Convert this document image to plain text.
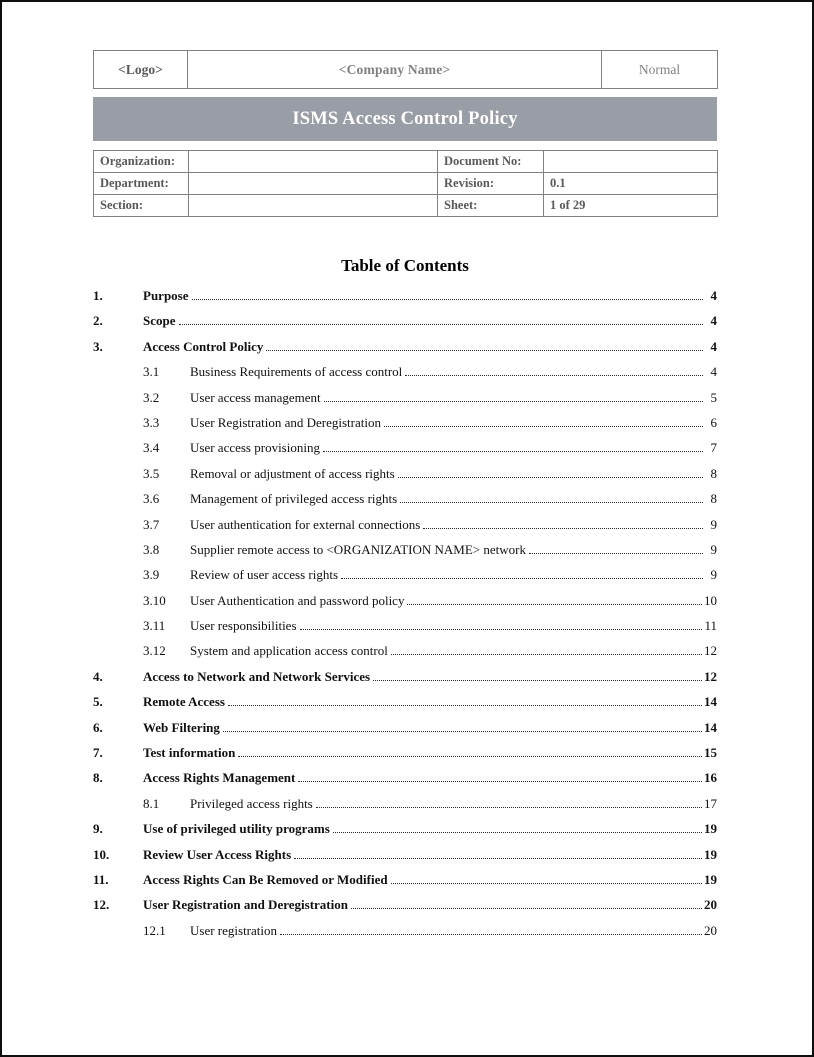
<Logo>	<Company Name>	Normal
ISMS Access Control Policy
Organization:		Document No:	
Department:		Revision:	0.1
Section:		Sheet:	1 of 29
Table of Contents
1.	Purpose	4
2.	Scope	4
3.	Access Control Policy	4
3.1	Business Requirements of access control	4
3.2	User access management	5
3.3	User Registration and Deregistration	6
3.4	User access provisioning	7
3.5	Removal or adjustment of access rights	8
3.6	Management of privileged access rights	8
3.7	User authentication for external connections	9
3.8	Supplier remote access to <ORGANIZATION NAME> network	9
3.9	Review of user access rights	9
3.10	User Authentication and password policy	10
3.11	User responsibilities	11
3.12	System and application access control	12
4.	Access to Network and Network Services	12
5.	Remote Access	14
6.	Web Filtering	14
7.	Test information	15
8.	Access Rights Management	16
8.1	Privileged access rights	17
9.	Use of privileged utility programs	19
10.	Review User Access Rights	19
11.	Access Rights Can Be Removed or Modified	19
12.	User Registration and Deregistration	20
12.1	User registration	20
